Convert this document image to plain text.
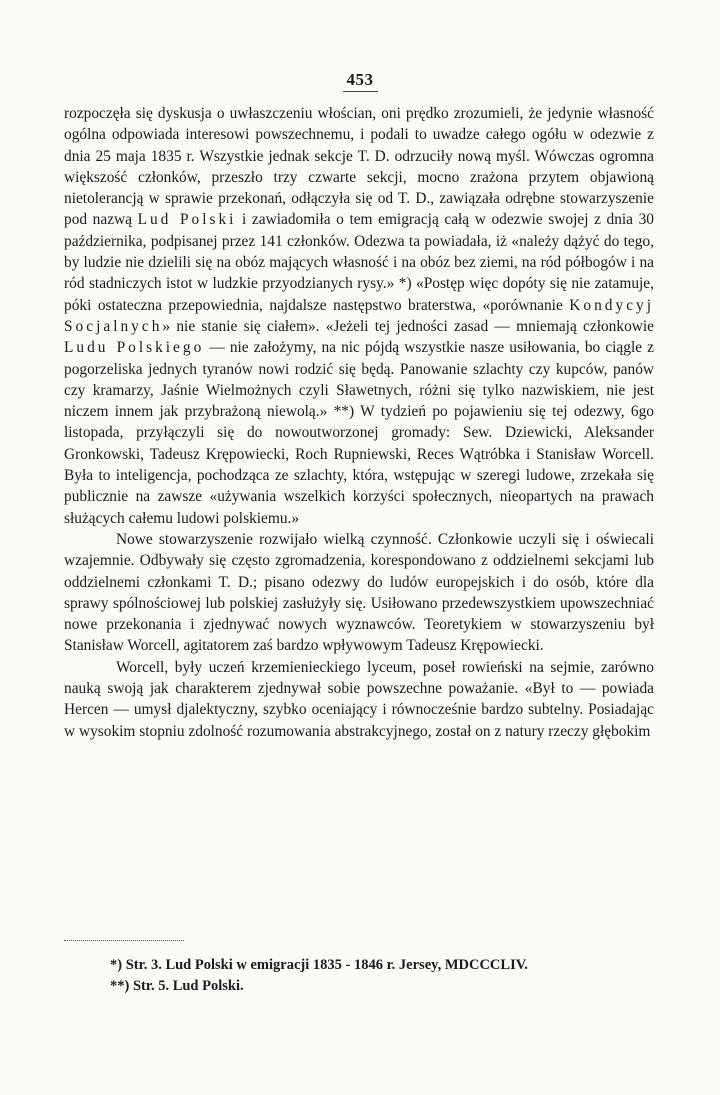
453

rozpoczęła się dyskusja o uwłaszczeniu włościan, oni prędko zrozumieli, że jedynie własność ogólna odpowiada interesowi powszechnemu, i podali to uwadze całego ogółu w odezwie z dnia 25 maja 1835 r. Wszystkie jednak sekcje T. D. odrzuciły nową myśl. Wówczas ogromna większość członków, przeszło trzy czwarte sekcji, mocno zrażona przytem objawioną nietolerancją w sprawie przekonań, odłączyła się od T. D., zawiązała odrębne stowarzyszenie pod nazwą Lud Polski i zawiadomiła o tem emigracją całą w odezwie swojej z dnia 30 października, podpisanej przez 141 członków. Odezwa ta powiadała, iż «należy dążyć do tego, by ludzie nie dzielili się na obóz mających własność i na obóz bez ziemi, na ród półbogów i na ród stadniczych istot w ludzkie przyodzianych rysy.» *) «Postęp więc dopóty się nie zatamuje, póki ostateczna przepowiednia, najdalsze następstwo braterstwa, «porównanie Kondycyj Socjalnych» nie stanie się ciałem». «Jeżeli tej jedności zasad — mniemają członkowie Ludu Polskiego — nie założymy, na nic pójdą wszystkie nasze usiłowania, bo ciągle z pogorzeliska jednych tyranów nowi rodzić się będą. Panowanie szlachty czy kupców, panów czy kramarzy, Jaśnie Wielmożnych czyli Sławetnych, różni się tylko nazwiskiem, nie jest niczem innem jak przybrażoną niewolą.» **) W tydzień po pojawieniu się tej odezwy, 6go listopada, przyłączyli się do nowoutworzonej gromady: Sew. Dziewicki, Aleksander Gronkowski, Tadeusz Krępowiecki, Roch Rupniewski, Reces Wątróbka i Stanisław Worcell. Była to inteligencja, pochodząca ze szlachty, która, wstępując w szeregi ludowe, zrzekała się publicznie na zawsze «używania wszelkich korzyści społecznych, nieopartych na prawach służących całemu ludowi polskiemu.»

Nowe stowarzyszenie rozwijało wielką czynność. Członkowie uczyli się i oświecali wzajemnie. Odbywały się często zgromadzenia, korespondowano z oddzielnemi sekcjami lub oddzielnemi członkami T. D.; pisano odezwy do ludów europejskich i do osób, które dla sprawy spólnościowej lub polskiej zasłużyły się. Usiłowano przedewszystkiem upowszechniać nowe przekonania i zjednywać nowych wyznawców. Teoretykiem w stowarzyszeniu był Stanisław Worcell, agitatorem zaś bardzo wpływowym Tadeusz Krępowiecki.

Worcell, były uczeń krzemienieckiego lyceum, poseł rowieński na sejmie, zarówno nauką swoją jak charakterem zjednywał sobie powszechne poważanie. «Był to — powiada Hercen — umysł djalektyczny, szybko oceniający i równocześnie bardzo subtelny. Posiadając w wysokim stopniu zdolność rozumowania abstrakcyjnego, został on z natury rzeczy głębokim

*) Str. 3. Lud Polski w emigracji 1835 - 1846 r. Jersey, MDCCCLIV.
**) Str. 5. Lud Polski.
